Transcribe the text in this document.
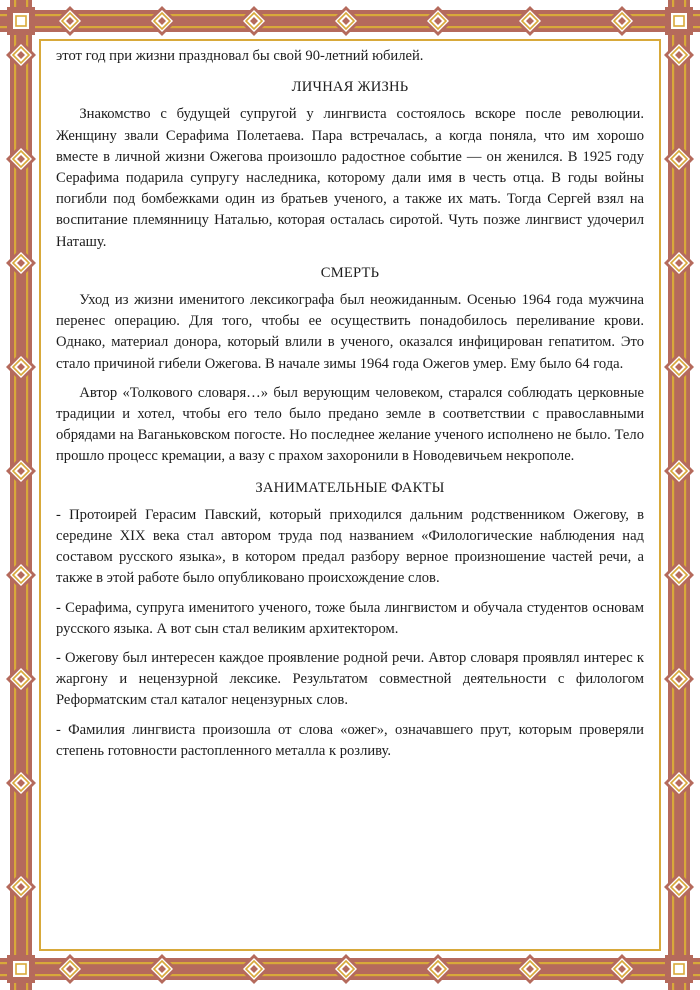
этот год при жизни праздновал бы свой 90-летний юбилей.

ЛИЧНАЯ ЖИЗНЬ

Знакомство с будущей супругой у лингвиста состоялось вскоре после революции. Женщину звали Серафима Полетаева. Пара встречалась, а когда поняла, что им хорошо вместе в личной жизни Ожегова произошло радостное событие — он женился. В 1925 году Серафима подарила супругу наследника, которому дали имя в честь отца. В годы войны погибли под бомбежками один из братьев ученого, а также их мать. Тогда Сергей взял на воспитание племянницу Наталью, которая осталась сиротой. Чуть позже лингвист удочерил Наташу.

СМЕРТЬ

Уход из жизни именитого лексикографа был неожиданным. Осенью 1964 года мужчина перенес операцию. Для того, чтобы ее осуществить понадобилось переливание крови. Однако, материал донора, который влили в ученого, оказался инфицирован гепатитом. Это стало причиной гибели Ожегова. В начале зимы 1964 года Ожегов умер. Ему было 64 года.

Автор «Толкового словаря…» был верующим человеком, старался соблюдать церковные традиции и хотел, чтобы его тело было предано земле в соответствии с православными обрядами на Ваганьковском погосте. Но последнее желание ученого исполнено не было. Тело прошло процесс кремации, а вазу с прахом захоронили в Новодевичьем некрополе.

ЗАНИМАТЕЛЬНЫЕ ФАКТЫ

- Протоирей Герасим Павский, который приходился дальним родственником Ожегову, в середине XIX века стал автором труда под названием «Филологические наблюдения над составом русского языка», в котором предал разбору верное произношение частей речи, а также в этой работе было опубликовано происхождение слов.

- Серафима, супруга именитого ученого, тоже была лингвистом и обучала студентов основам русского языка. А вот сын стал великим архитектором.

- Ожегову был интересен каждое проявление родной речи. Автор словаря проявлял интерес к жаргону и нецензурной лексике. Результатом совместной деятельности с филологом Реформатским стал каталог нецензурных слов.

- Фамилия лингвиста произошла от слова «ожег», означавшего прут, которым проверяли степень готовности растопленного металла к розливу.
